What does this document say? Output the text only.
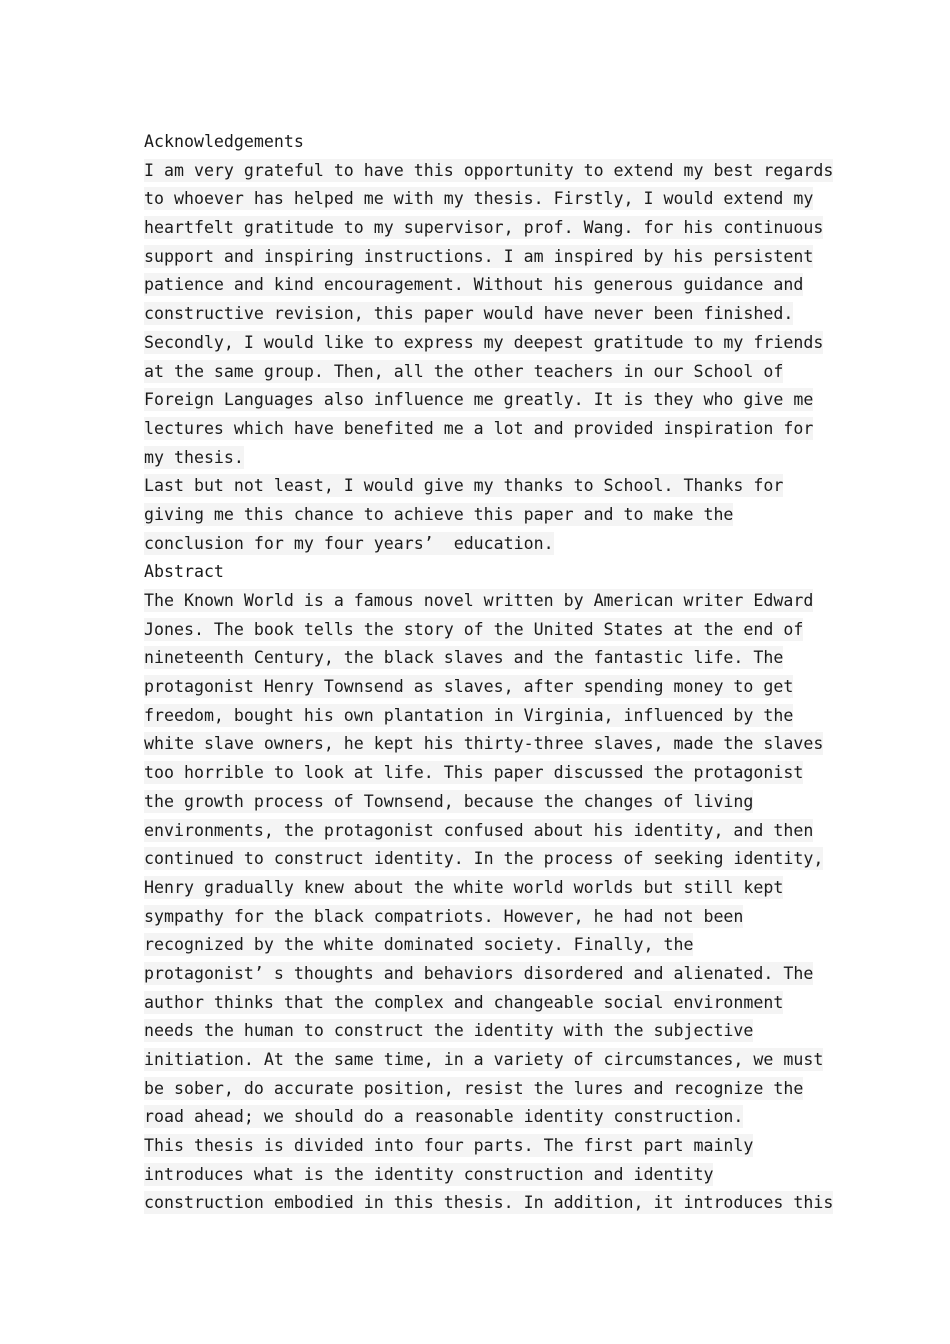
Acknowledgements
I am very grateful to have this opportunity to extend my best regards
to whoever has helped me with my thesis. Firstly, I would extend my
heartfelt gratitude to my supervisor, prof. Wang. for his continuous
support and inspiring instructions. I am inspired by his persistent
patience and kind encouragement. Without his generous guidance and
constructive revision, this paper would have never been finished.
Secondly, I would like to express my deepest gratitude to my friends
at the same group. Then, all the other teachers in our School of
Foreign Languages also influence me greatly. It is they who give me
lectures which have benefited me a lot and provided inspiration for
my thesis.
Last but not least, I would give my thanks to School. Thanks for
giving me this chance to achieve this paper and to make the
conclusion for my four years’  education.
Abstract
The Known World is a famous novel written by American writer Edward
Jones. The book tells the story of the United States at the end of
nineteenth Century, the black slaves and the fantastic life. The
protagonist Henry Townsend as slaves, after spending money to get
freedom, bought his own plantation in Virginia, influenced by the
white slave owners, he kept his thirty-three slaves, made the slaves
too horrible to look at life. This paper discussed the protagonist
the growth process of Townsend, because the changes of living
environments, the protagonist confused about his identity, and then
continued to construct identity. In the process of seeking identity,
Henry gradually knew about the white world worlds but still kept
sympathy for the black compatriots. However, he had not been
recognized by the white dominated society. Finally, the
protagonist’ s thoughts and behaviors disordered and alienated. The
author thinks that the complex and changeable social environment
needs the human to construct the identity with the subjective
initiation. At the same time, in a variety of circumstances, we must
be sober, do accurate position, resist the lures and recognize the
road ahead; we should do a reasonable identity construction.
This thesis is divided into four parts. The first part mainly
introduces what is the identity construction and identity
construction embodied in this thesis. In addition, it introduces this
